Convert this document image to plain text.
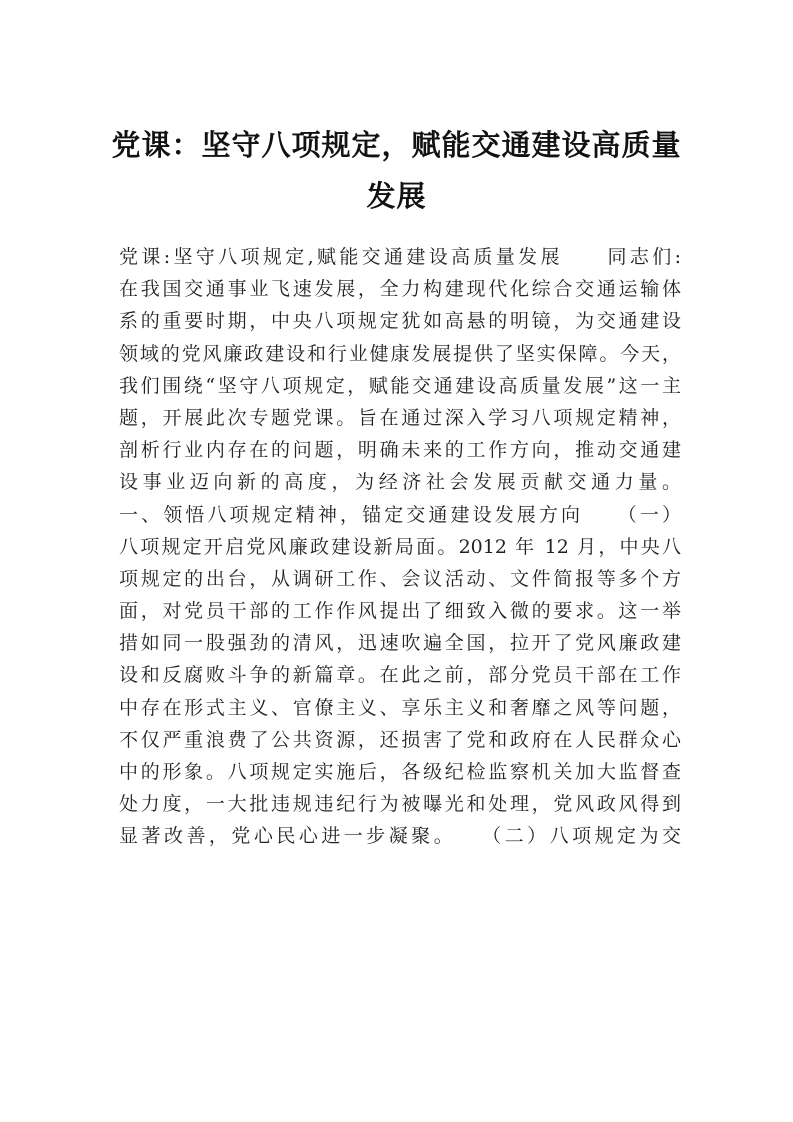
党课：坚守八项规定，赋能交通建设高质量
发展
党课:坚守八项规定,赋能交通建设高质量发展　　同志们:
在我国交通事业飞速发展，全力构建现代化综合交通运输体
系的重要时期，中央八项规定犹如高悬的明镜，为交通建设
领域的党风廉政建设和行业健康发展提供了坚实保障。今天，
我们围绕“坚守八项规定，赋能交通建设高质量发展”这一主
题，开展此次专题党课。旨在通过深入学习八项规定精神，
剖析行业内存在的问题，明确未来的工作方向，推动交通建
设事业迈向新的高度，为经济社会发展贡献交通力量。
一、领悟八项规定精神，锚定交通建设发展方向　　（一）
八项规定开启党风廉政建设新局面。2012 年 12 月，中央八
项规定的出台，从调研工作、会议活动、文件简报等多个方
面，对党员干部的工作作风提出了细致入微的要求。这一举
措如同一股强劲的清风，迅速吹遍全国，拉开了党风廉政建
设和反腐败斗争的新篇章。在此之前，部分党员干部在工作
中存在形式主义、官僚主义、享乐主义和奢靡之风等问题，
不仅严重浪费了公共资源，还损害了党和政府在人民群众心
中的形象。八项规定实施后，各级纪检监察机关加大监督查
处力度，一大批违规违纪行为被曝光和处理，党风政风得到
显著改善，党心民心进一步凝聚。　　（二）八项规定为交
